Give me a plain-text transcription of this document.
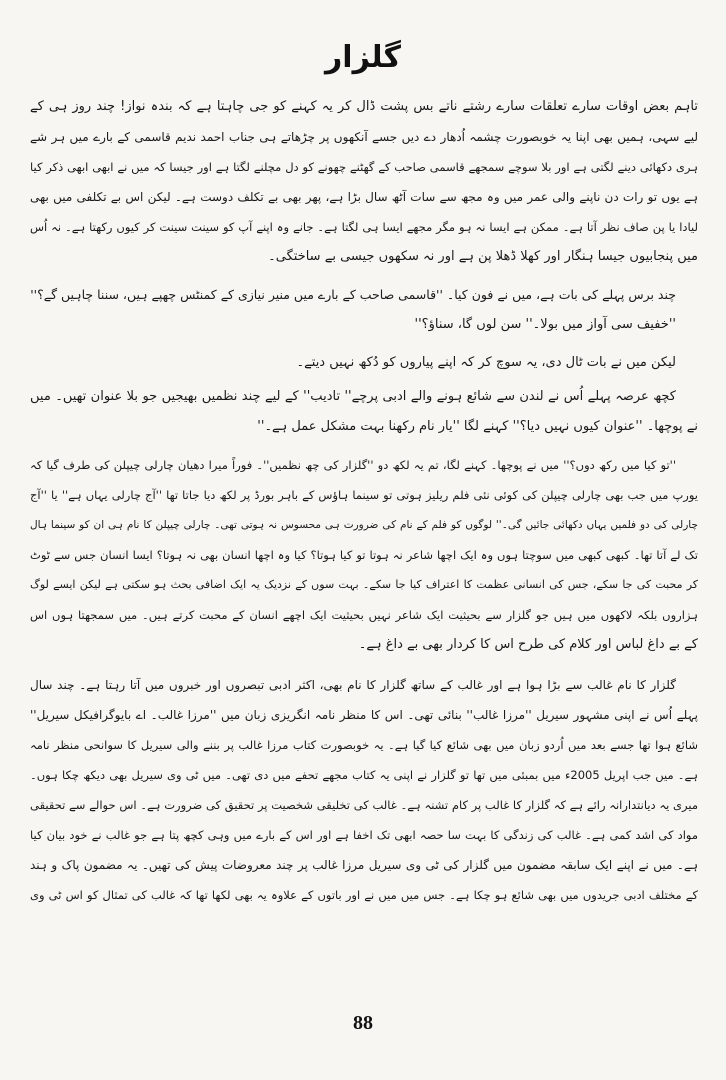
گلزار
تاہم بعض اوقات سارے تعلقات سارے رشتے ناتے بس پشت ڈال کر یہ کہنے کو جی چاہتا ہے کہ بندہ نواز! چند روز ہی کے
لیے سہی، ہمیں بھی اپنا یہ خوبصورت چشمہ اُدھار دے دیں جسے آنکھوں پر چڑھاتے ہی جناب احمد ندیم قاسمی کے بارے میں ہر شے
ہری دکھائی دینے لگتی ہے اور بلا سوچے سمجھے قاسمی صاحب کے گھٹنے چھونے کو دل مچلنے لگتا ہے اور جیسا کہ میں نے ابھی ابھی ذکر کیا
ہے یوں تو رات دن ناپنے والی عمر میں وہ مجھ سے سات آٹھ سال بڑا ہے، پھر بھی بے تکلف دوست ہے۔ لیکن اس بے تکلفی میں بھی
لیادا یا پن صاف نظر آتا ہے۔ ممکن ہے ایسا نہ ہو مگر مجھے ایسا ہی لگتا ہے۔ جانے وہ اپنے آپ کو سینت سینت کر کیوں رکھتا ہے۔ نہ اُس
میں پنجابیوں جیسا ہنگار اور کھلا ڈھلا پن ہے اور نہ سکھوں جیسی بے ساختگی۔
چند برس پہلے کی بات ہے، میں نے فون کیا۔ ''قاسمی صاحب کے بارے میں منیر نیازی کے کمنٹس چھپے ہیں، سننا چاہیں گے؟''
''خفیف سی آواز میں بولا۔'' سن لوں گا، سناؤ؟''
لیکن میں نے بات ٹال دی، یہ سوچ کر کہ اپنے پیاروں کو دُکھ نہیں دیتے۔
کچھ عرصہ پہلے اُس نے لندن سے شائع ہونے والے ادبی پرچے'' تادیب'' کے لیے چند نظمیں بھیجیں جو بلا عنوان تھیں۔ میں
نے پوچھا۔ ''عنوان کیوں نہیں دیا؟'' کہنے لگا ''یار نام رکھنا بہت مشکل عمل ہے۔''
''تو کیا میں رکھ دوں؟'' میں نے پوچھا۔ کہنے لگا، تم یہ لکھ دو ''گلزار کی چھ نظمیں''۔ فوراً میرا دھیان چارلی چیپلن کی طرف گیا کہ
یورپ میں جب بھی چارلی چیپلن کی کوئی نئی فلم ریلیز ہوتی تو سینما ہاؤس کے باہر بورڈ پر لکھ دیا جاتا تھا ''آج چارلی یہاں ہے'' یا ''آج
چارلی کی دو فلمیں یہاں دکھائی جائیں گی۔'' لوگوں کو فلم کے نام کی ضرورت ہی محسوس نہ ہوتی تھی۔ چارلی چیپلن کا نام ہی ان کو سینما ہال
تک لے آتا تھا۔ کبھی کبھی میں سوچتا ہوں وہ ایک اچھا شاعر نہ ہوتا تو کیا ہوتا؟ کیا وہ اچھا انسان بھی نہ ہوتا؟ ایسا انسان جس سے ٹوٹ
کر محبت کی جا سکے، جس کی انسانی عظمت کا اعتراف کیا جا سکے۔ بہت سوں کے نزدیک یہ ایک اضافی بحث ہو سکتی ہے لیکن ایسے لوگ
ہزاروں بلکہ لاکھوں میں ہیں جو گلزار سے بحیثیت ایک شاعر نہیں بحیثیت ایک اچھے انسان کے محبت کرتے ہیں۔ میں سمجھتا ہوں اس
کے بے داغ لباس اور کلام کی طرح اس کا کردار بھی بے داغ ہے۔
گلزار کا نام غالب سے بڑا ہوا ہے اور غالب کے ساتھ گلزار کا نام بھی، اکثر ادبی تبصروں اور خبروں میں آتا رہتا ہے۔ چند سال
پہلے اُس نے اپنی مشہور سیریل ''مرزا غالب'' بنائی تھی۔ اس کا منظر نامہ انگریزی زبان میں ''مرزا غالب۔ اے بایوگرافیکل سیریل''
شائع ہوا تھا جسے بعد میں اُردو زبان میں بھی شائع کیا گیا ہے۔ یہ خوبصورت کتاب مرزا غالب پر بننے والی سیریل کا سوانحی منظر نامہ
ہے۔ میں جب اپریل 2005ء میں بمبئی میں تھا تو گلزار نے اپنی یہ کتاب مجھے تحفے میں دی تھی۔ میں ٹی وی سیریل بھی دیکھ چکا ہوں۔
میری یہ دیانتدارانہ رائے ہے کہ گلزار کا غالب پر کام تشنہ ہے۔ غالب کی تخلیقی شخصیت پر تحقیق کی ضرورت ہے۔ اس حوالے سے تحقیقی
مواد کی اشد کمی ہے۔ غالب کی زندگی کا بہت سا حصہ ابھی تک اخفا ہے اور اس کے بارے میں وہی کچھ پتا ہے جو غالب نے خود بیان کیا
ہے۔ میں نے اپنے ایک سابقہ مضمون میں گلزار کی ٹی وی سیریل مرزا غالب پر چند معروضات پیش کی تھیں۔ یہ مضمون پاک و ہند
کے مختلف ادبی جریدوں میں بھی شائع ہو چکا ہے۔ جس میں میں نے اور باتوں کے علاوہ یہ بھی لکھا تھا کہ غالب کی تمثال کو اس ٹی وی
88
